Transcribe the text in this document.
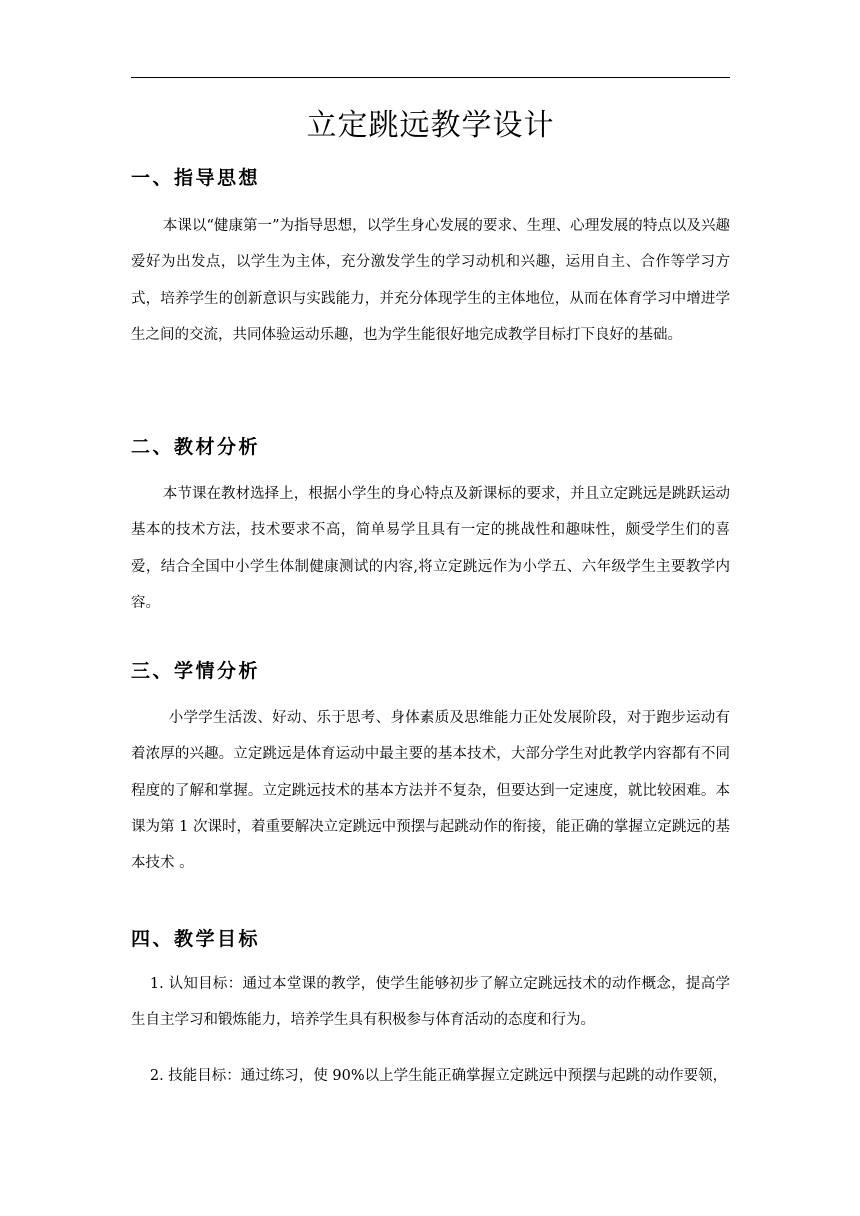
立定跳远教学设计
一、指导思想

本课以“健康第一”为指导思想，以学生身心发展的要求、生理、心理发展的特点以及兴趣爱好为出发点，以学生为主体，充分激发学生的学习动机和兴趣，运用自主、合作等学习方式，培养学生的创新意识与实践能力，并充分体现学生的主体地位，从而在体育学习中增进学生之间的交流，共同体验运动乐趣，也为学生能很好地完成教学目标打下良好的基础。

二、教材分析

本节课在教材选择上，根据小学生的身心特点及新课标的要求，并且立定跳远是跳跃运动基本的技术方法，技术要求不高，简单易学且具有一定的挑战性和趣味性，颇受学生们的喜爱，结合全国中小学生体制健康测试的内容,将立定跳远作为小学五、六年级学生主要教学内容。

三、学情分析

小学学生活泼、好动、乐于思考、身体素质及思维能力正处发展阶段，对于跑步运动有着浓厚的兴趣。立定跳远是体育运动中最主要的基本技术，大部分学生对此教学内容都有不同程度的了解和掌握。立定跳远技术的基本方法并不复杂，但要达到一定速度，就比较困难。本课为第 1 次课时，着重要解决立定跳远中预摆与起跳动作的衔接，能正确的掌握立定跳远的基本技术 。

四、教学目标

1. 认知目标：通过本堂课的教学，使学生能够初步了解立定跳远技术的动作概念，提高学生自主学习和锻炼能力，培养学生具有积极参与体育活动的态度和行为。

2. 技能目标：通过练习，使 90%以上学生能正确掌握立定跳远中预摆与起跳的动作要领，
